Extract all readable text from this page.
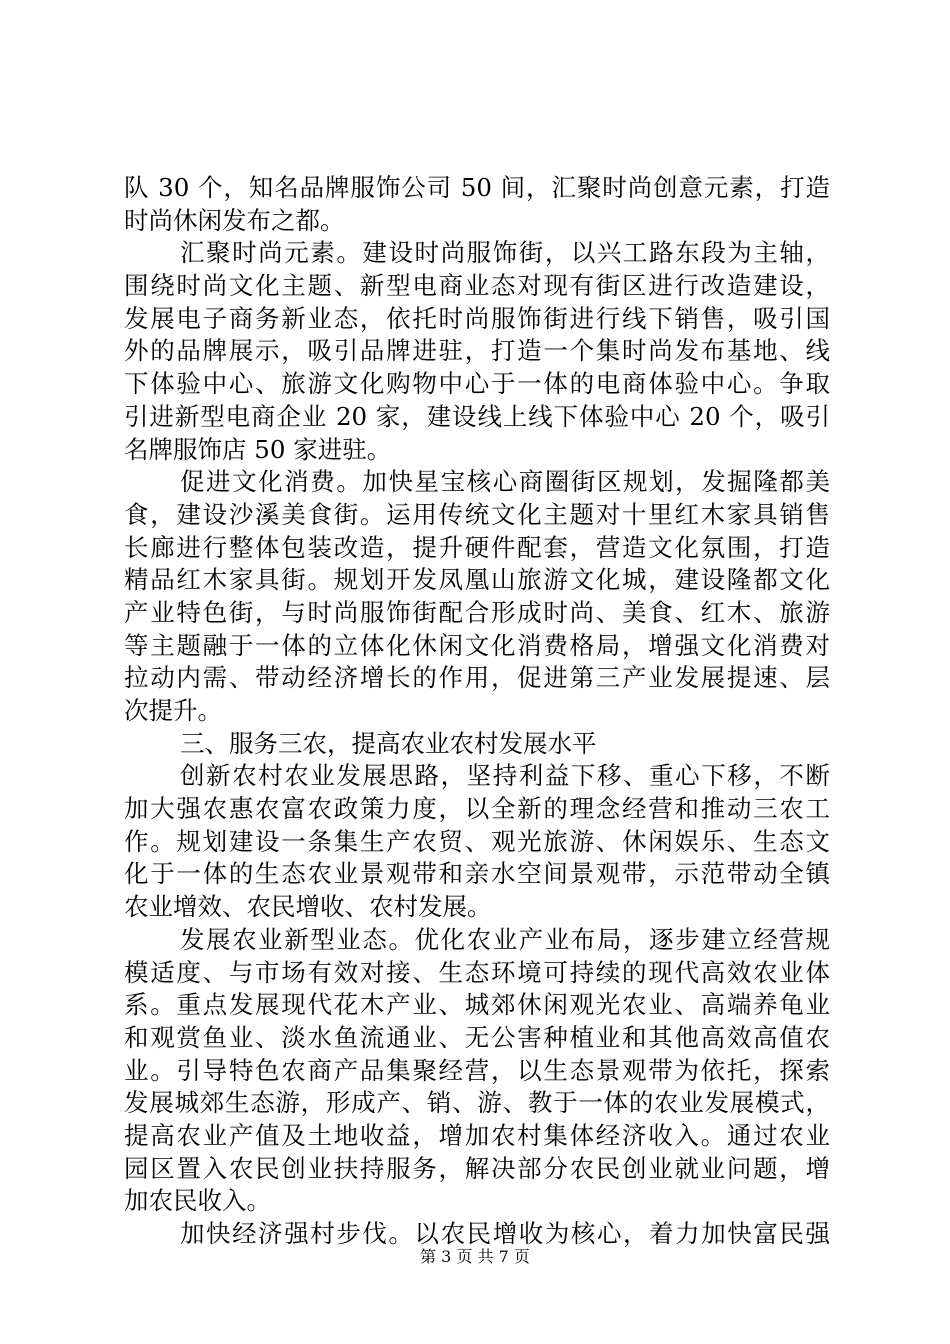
队 30 个，知名品牌服饰公司 50 间，汇聚时尚创意元素，打造
时尚休闲发布之都。
汇聚时尚元素。建设时尚服饰街，以兴工路东段为主轴，
围绕时尚文化主题、新型电商业态对现有街区进行改造建设，
发展电子商务新业态，依托时尚服饰街进行线下销售，吸引国
外的品牌展示，吸引品牌进驻，打造一个集时尚发布基地、线
下体验中心、旅游文化购物中心于一体的电商体验中心。争取
引进新型电商企业 20 家，建设线上线下体验中心 20 个，吸引
名牌服饰店 50 家进驻。
促进文化消费。加快星宝核心商圈街区规划，发掘隆都美
食，建设沙溪美食街。运用传统文化主题对十里红木家具销售
长廊进行整体包装改造，提升硬件配套，营造文化氛围，打造
精品红木家具街。规划开发凤凰山旅游文化城，建设隆都文化
产业特色街，与时尚服饰街配合形成时尚、美食、红木、旅游
等主题融于一体的立体化休闲文化消费格局，增强文化消费对
拉动内需、带动经济增长的作用，促进第三产业发展提速、层
次提升。
三、服务三农，提高农业农村发展水平
创新农村农业发展思路，坚持利益下移、重心下移，不断
加大强农惠农富农政策力度，以全新的理念经营和推动三农工
作。规划建设一条集生产农贸、观光旅游、休闲娱乐、生态文
化于一体的生态农业景观带和亲水空间景观带，示范带动全镇
农业增效、农民增收、农村发展。
发展农业新型业态。优化农业产业布局，逐步建立经营规
模适度、与市场有效对接、生态环境可持续的现代高效农业体
系。重点发展现代花木产业、城郊休闲观光农业、高端养龟业
和观赏鱼业、淡水鱼流通业、无公害种植业和其他高效高值农
业。引导特色农商产品集聚经营，以生态景观带为依托，探索
发展城郊生态游，形成产、销、游、教于一体的农业发展模式，
提高农业产值及土地收益，增加农村集体经济收入。通过农业
园区置入农民创业扶持服务，解决部分农民创业就业问题，增
加农民收入。
加快经济强村步伐。以农民增收为核心，着力加快富民强
第 3 页 共 7 页
